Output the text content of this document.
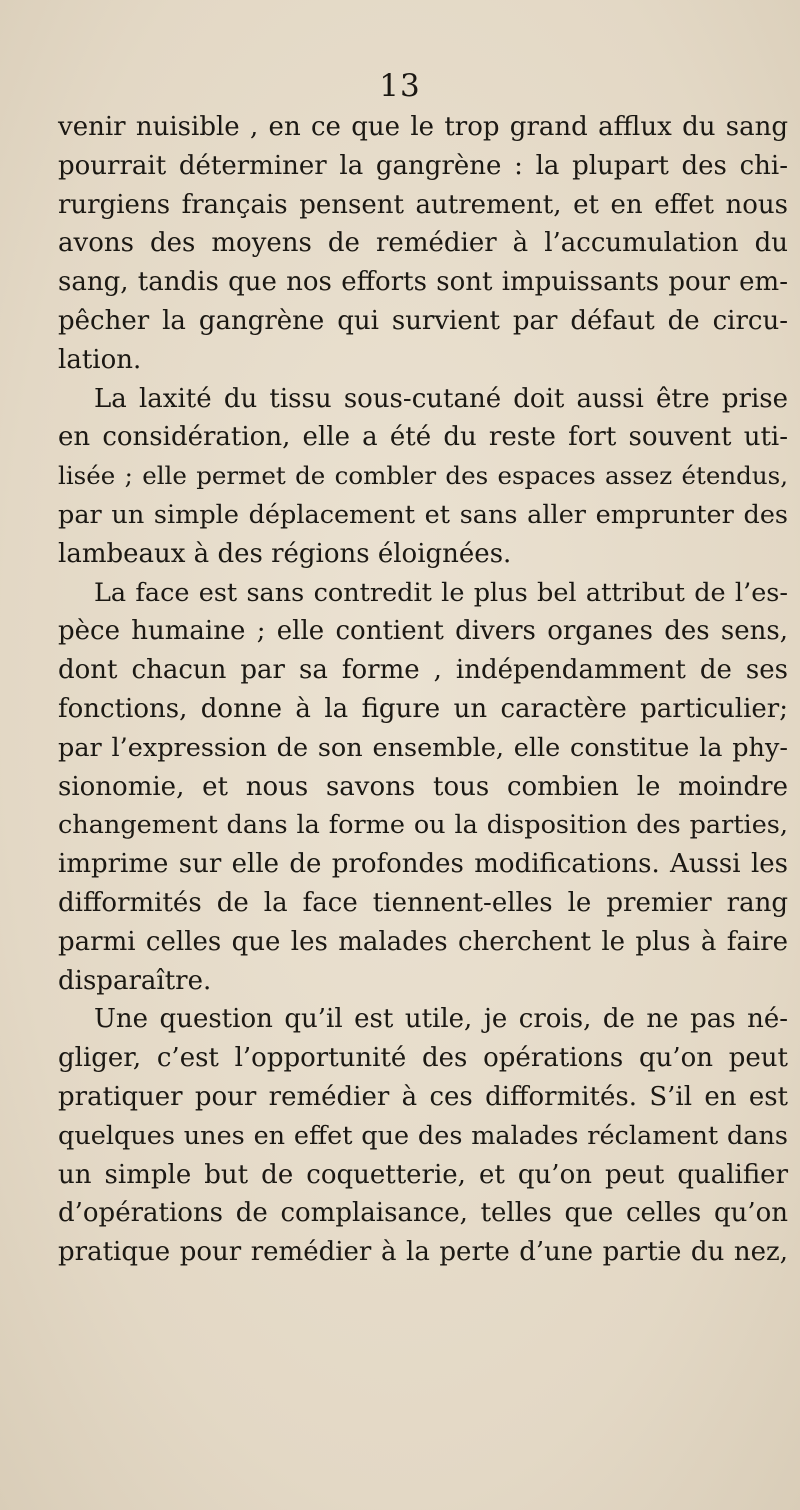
13
venir nuisible , en ce que le trop grand afflux du sang
pourrait déterminer la gangrène : la plupart des chi-
rurgiens français pensent autrement, et en effet nous
avons des moyens de remédier à l’accumulation du
sang, tandis que nos efforts sont impuissants pour em-
pêcher la gangrène qui survient par défaut de circu-
lation.
La laxité du tissu sous-cutané doit aussi être prise
en considération, elle a été du reste fort souvent uti-
lisée ; elle permet de combler des espaces assez étendus,
par un simple déplacement et sans aller emprunter des
lambeaux à des régions éloignées.
La face est sans contredit le plus bel attribut de l’es-
pèce humaine ; elle contient divers organes des sens,
dont chacun par sa forme , indépendamment de ses
fonctions, donne à la figure un caractère particulier;
par l’expression de son ensemble, elle constitue la phy-
sionomie, et nous savons tous combien le moindre
changement dans la forme ou la disposition des parties,
imprime sur elle de profondes modifications. Aussi les
difformités de la face tiennent-elles le premier rang
parmi celles que les malades cherchent le plus à faire
disparaître.
Une question qu’il est utile, je crois, de ne pas né-
gliger, c’est l’opportunité des opérations qu’on peut
pratiquer pour remédier à ces difformités. S’il en est
quelques unes en effet que des malades réclament dans
un simple but de coquetterie, et qu’on peut qualifier
d’opérations de complaisance, telles que celles qu’on
pratique pour remédier à la perte d’une partie du nez,
